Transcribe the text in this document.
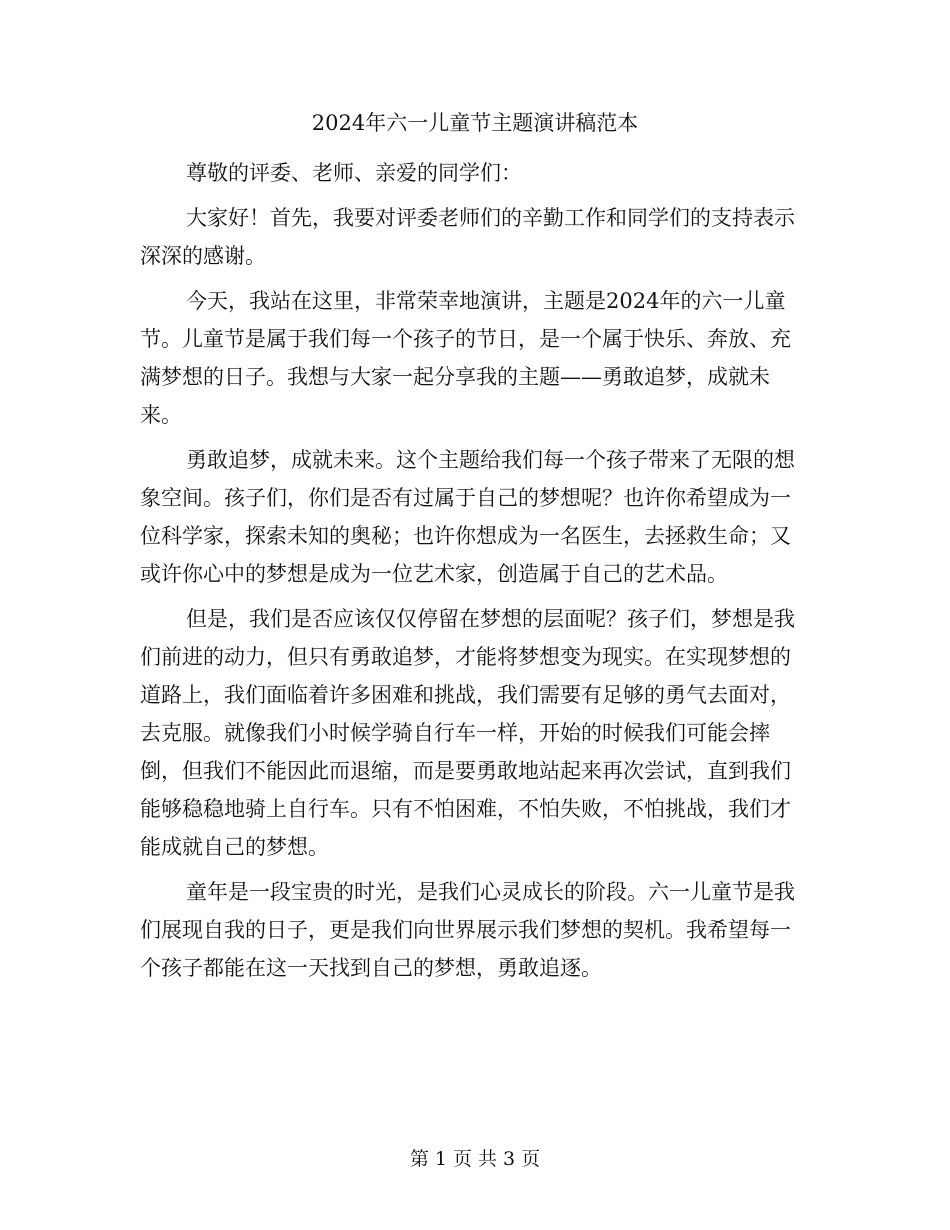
2024年六一儿童节主题演讲稿范本

尊敬的评委、老师、亲爱的同学们：

大家好！首先，我要对评委老师们的辛勤工作和同学们的支持表示深深的感谢。

今天，我站在这里，非常荣幸地演讲，主题是2024年的六一儿童节。儿童节是属于我们每一个孩子的节日，是一个属于快乐、奔放、充满梦想的日子。我想与大家一起分享我的主题——勇敢追梦，成就未来。

勇敢追梦，成就未来。这个主题给我们每一个孩子带来了无限的想象空间。孩子们，你们是否有过属于自己的梦想呢？也许你希望成为一位科学家，探索未知的奥秘；也许你想成为一名医生，去拯救生命；又或许你心中的梦想是成为一位艺术家，创造属于自己的艺术品。

但是，我们是否应该仅仅停留在梦想的层面呢？孩子们，梦想是我们前进的动力，但只有勇敢追梦，才能将梦想变为现实。在实现梦想的道路上，我们面临着许多困难和挑战，我们需要有足够的勇气去面对，去克服。就像我们小时候学骑自行车一样，开始的时候我们可能会摔倒，但我们不能因此而退缩，而是要勇敢地站起来再次尝试，直到我们能够稳稳地骑上自行车。只有不怕困难，不怕失败，不怕挑战，我们才能成就自己的梦想。

童年是一段宝贵的时光，是我们心灵成长的阶段。六一儿童节是我们展现自我的日子，更是我们向世界展示我们梦想的契机。我希望每一个孩子都能在这一天找到自己的梦想，勇敢追逐。

第 1 页 共 3 页
